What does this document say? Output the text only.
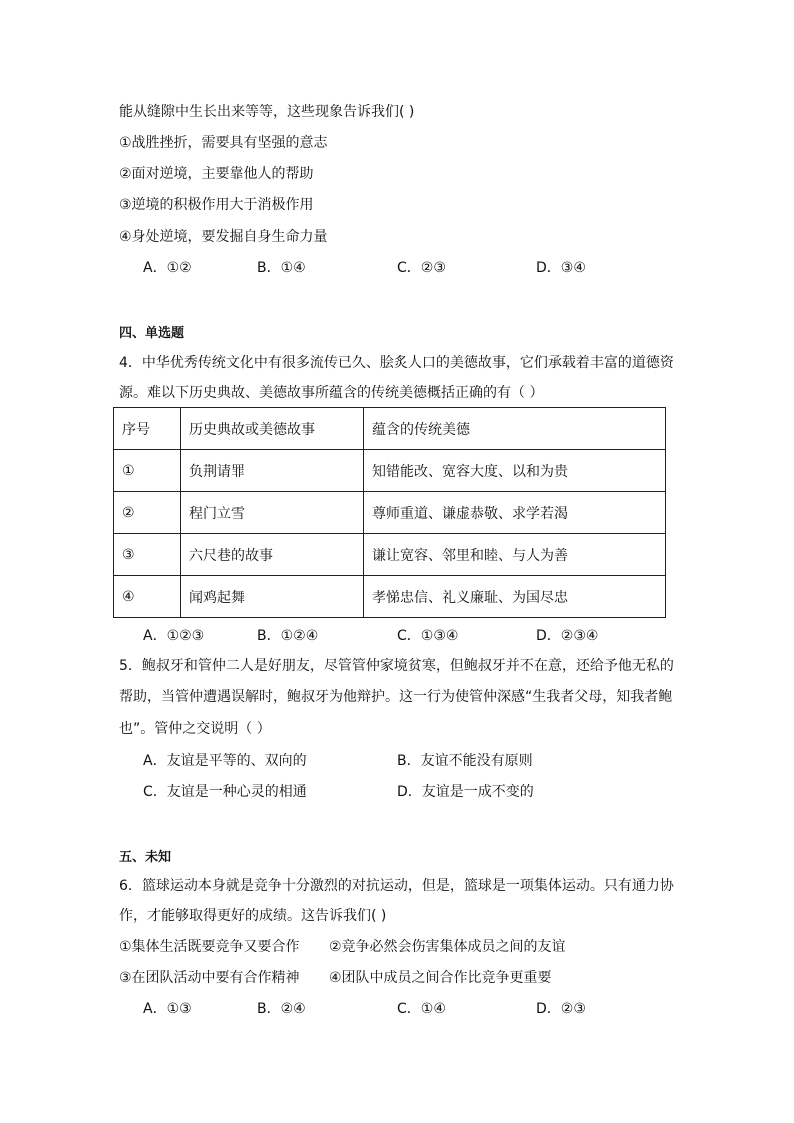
能从缝隙中生长出来等等，这些现象告诉我们( )
①战胜挫折，需要具有坚强的意志
②面对逆境，主要靠他人的帮助
③逆境的积极作用大于消极作用
④身处逆境，要发掘自身生命力量
A．①②	B．①④	C．②③	D．③④
四、单选题
4．中华优秀传统文化中有很多流传已久、脍炙人口的美德故事，它们承载着丰富的道德资
源。难以下历史典故、美德故事所蕴含的传统美德概括正确的有（ ）
序号	历史典故或美德故事	蕴含的传统美德
①	负荆请罪	知错能改、宽容大度、以和为贵
②	程门立雪	尊师重道、谦虚恭敬、求学若渴
③	六尺巷的故事	谦让宽容、邻里和睦、与人为善
④	闻鸡起舞	孝悌忠信、礼义廉耻、为国尽忠
A．①②③	B．①②④	C．①③④	D．②③④
5．鲍叔牙和管仲二人是好朋友，尽管管仲家境贫寒，但鲍叔牙并不在意，还给予他无私的
帮助，当管仲遭遇误解时，鲍叔牙为他辩护。这一行为使管仲深感“生我者父母，知我者鲍
也”。管仲之交说明（ ）
A．友谊是平等的、双向的	B．友谊不能没有原则
C．友谊是一种心灵的相通	D．友谊是一成不变的
五、未知
6．篮球运动本身就是竞争十分激烈的对抗运动，但是，篮球是一项集体运动。只有通力协
作，才能够取得更好的成绩。这告诉我们( )
①集体生活既要竞争又要合作 ②竞争必然会伤害集体成员之间的友谊
③在团队活动中要有合作精神 ④团队中成员之间合作比竞争更重要
A．①③	B．②④	C．①④	D．②③
